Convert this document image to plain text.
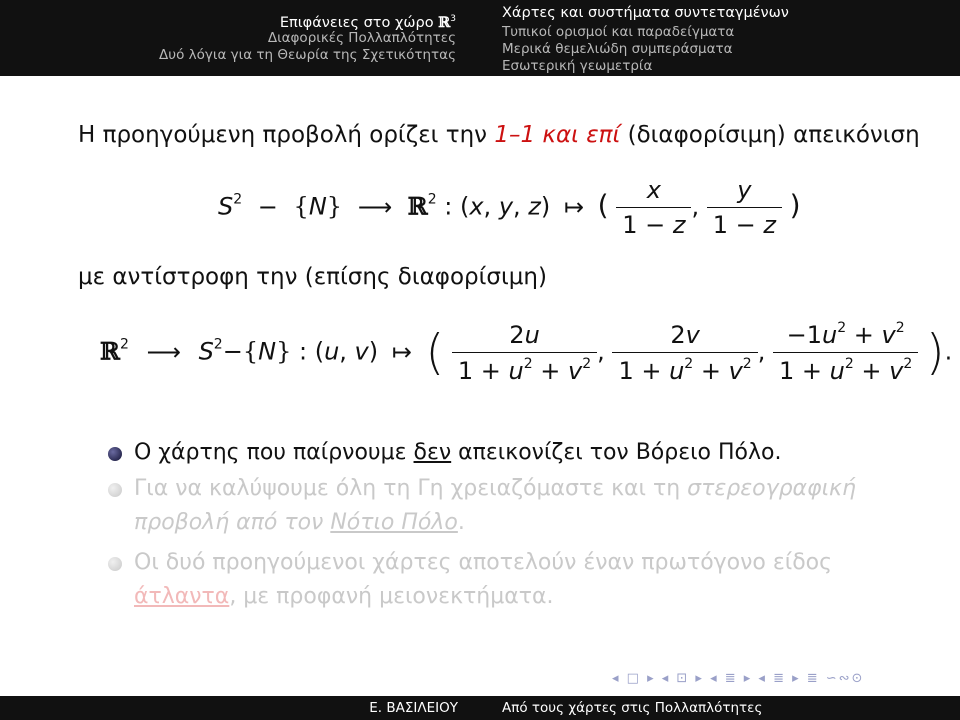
Επιφάνειες στο χώρο ℝ$^3$
Διαφορικές Πολλαπλότητες
Δυό λόγια για τη Θεωρία της Σχετικότητας
Χάρτες και συστήματα συντεταγμένων
Τυπικοί ορισμοί και παραδείγματα
Μερικά θεμελιώδη συμπεράσματα
Εσωτερική γεωμετρία
Η προηγούμενη προβολή ορίζει την 1–1 και επί (διαφορίσιμη) απεικόνιση
$S^2 - \{N\}$ ⟶ ℝ$^2$ : (x, y, z) ↦ ( $\frac{x}{1 - z}$ , $\frac{y}{1 - z}$ )
με αντίστροφη την (επίσης διαφορίσιμη)
ℝ$^2$ ⟶ $S^2-\{N\}$ : (u, v) ↦ ( $\frac{2u}{1 + u^2 + v^2}$ , $\frac{2v}{1 + u^2 + v^2}$ , $\frac{-1u^2 + v^2}{1 + u^2 + v^2}$ ).
Ο χάρτης που παίρνουμε δεν απεικονίζει τον Βόρειο Πόλο.
Για να καλύψουμε όλη τη Γη χρειαζόμαστε και τη στερεογραφική προβολή από τον Νότιο Πόλο.
Οι δυό προηγούμενοι χάρτες αποτελούν έναν πρωτόγονο είδος άτλαντα, με προφανή μειονεκτήματα.
◂ □ ▸ ◂ ⊡ ▸ ◂ ≣ ▸ ◂ ≣ ▸ ≣ ∽∾⊙
Ε. ΒΑΣΙΛΕΙΟΥ	Από τους χάρτες στις Πολλαπλότητες
